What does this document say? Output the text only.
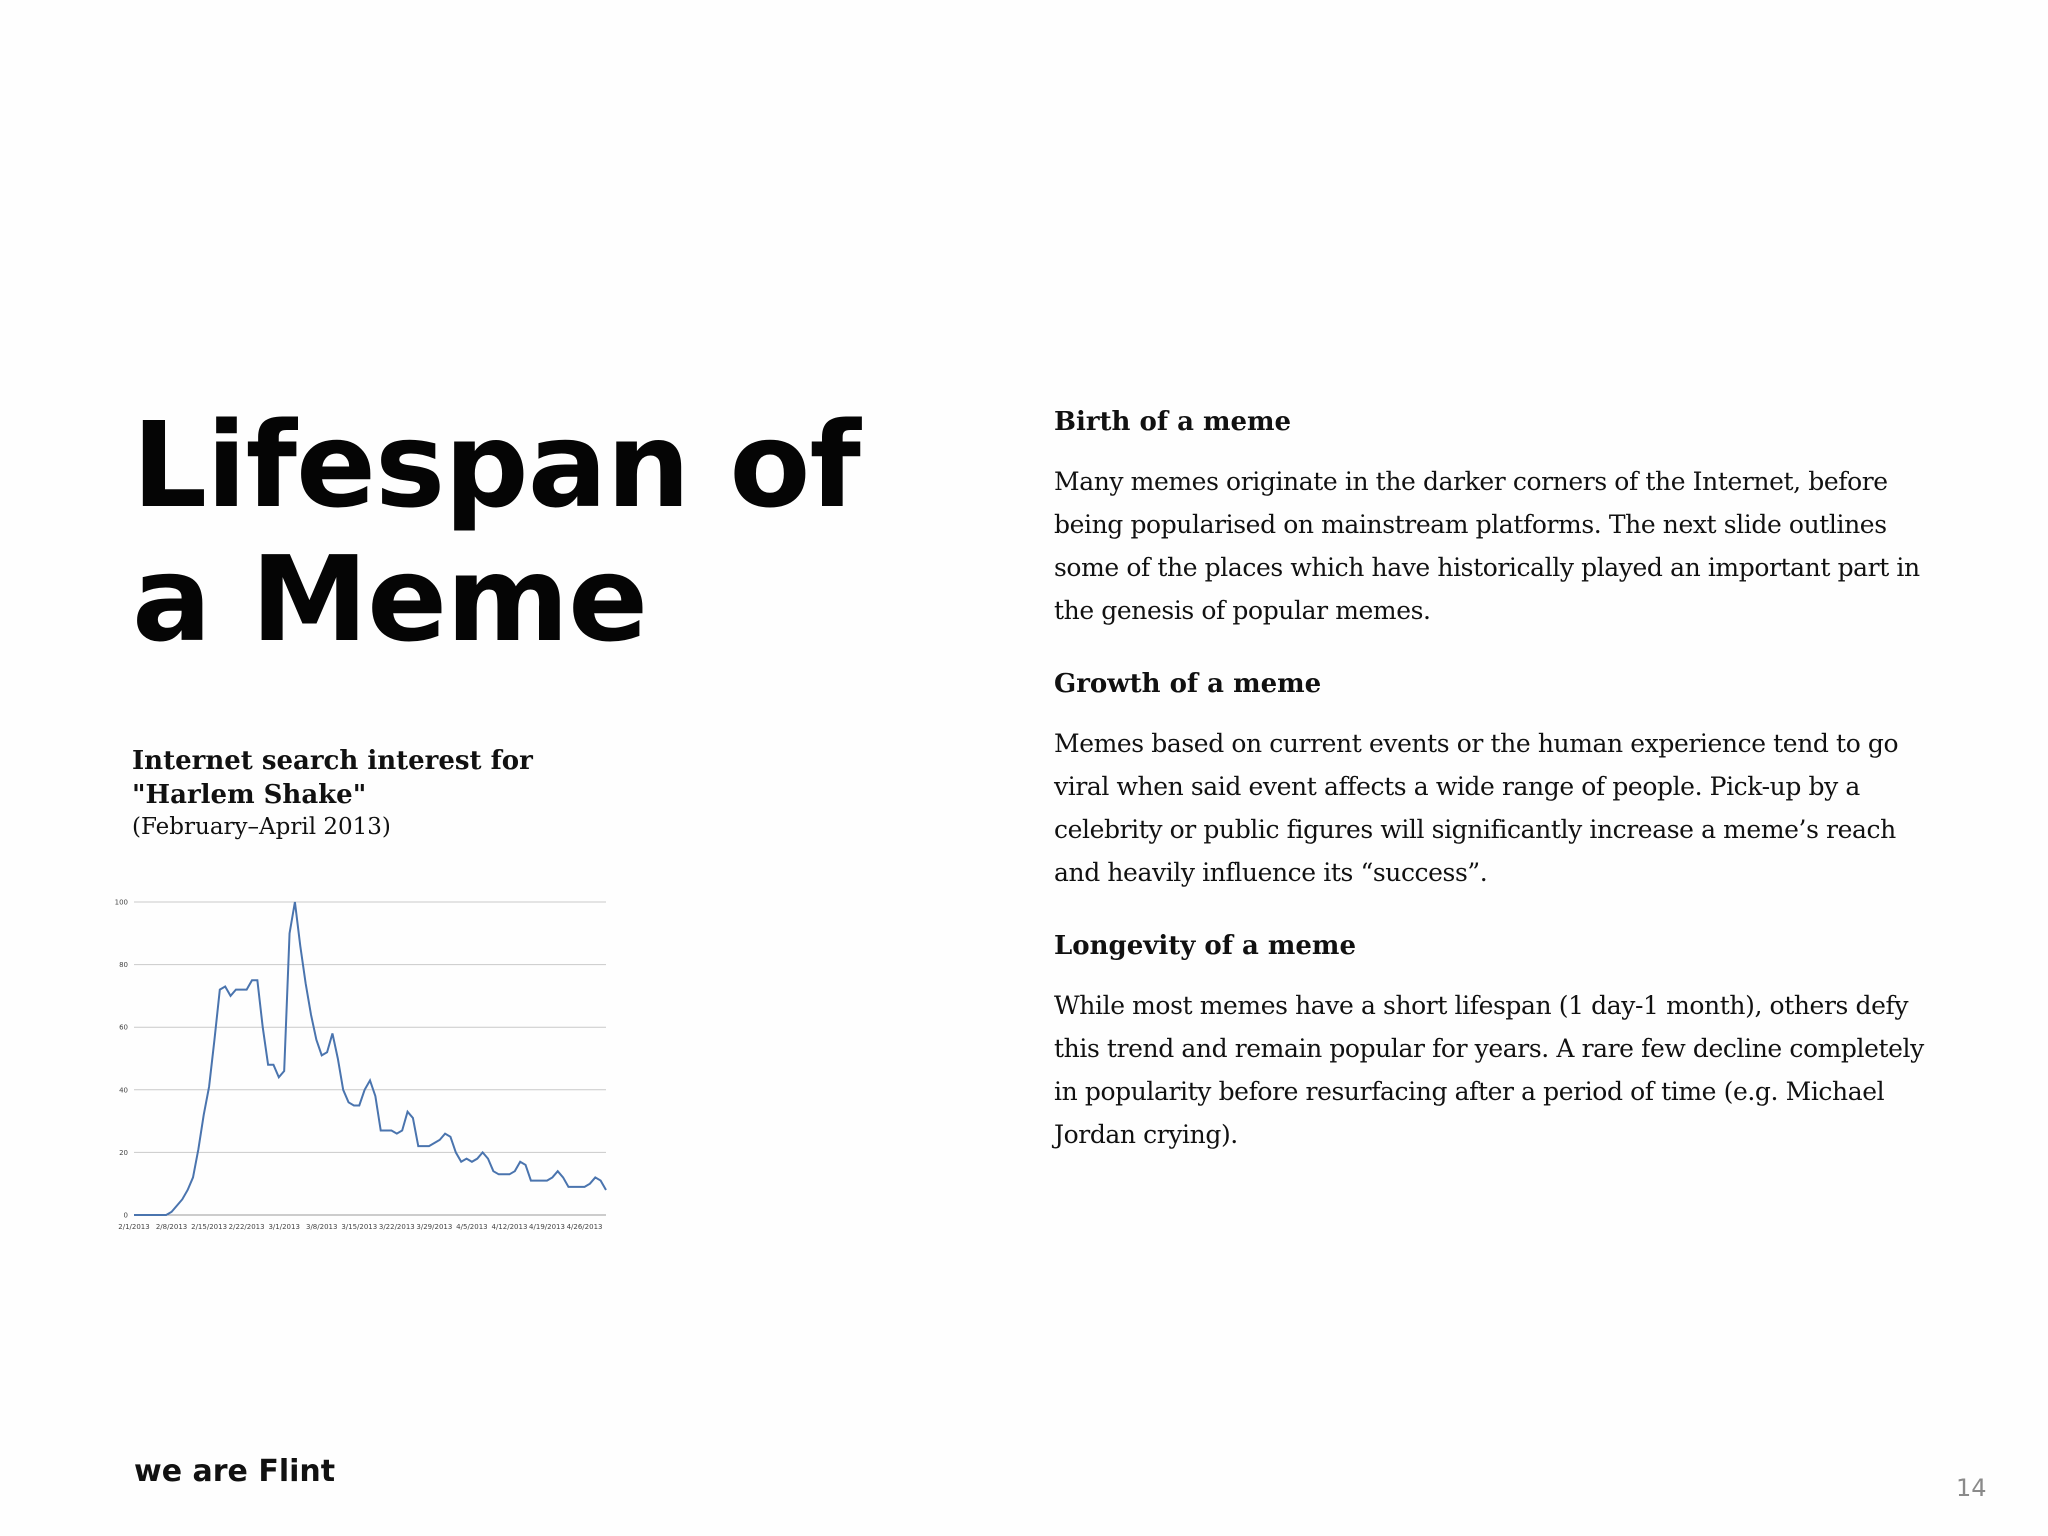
Lifespan of a Meme

Internet search interest for "Harlem Shake"

(February–April 2013)

0
20
40
60
80
100
2/1/2013 2/8/2013 2/15/2013 2/22/2013 3/1/2013 3/8/2013 3/15/2013 3/22/2013 3/29/2013 4/5/2013 4/12/2013 4/19/2013 4/26/2013
Birth of a meme

Many memes originate in the darker corners of the Internet, before being popularised on mainstream platforms. The next slide outlines some of the places which have historically played an important part in the genesis of popular memes.

Growth of a meme

Memes based on current events or the human experience tend to go viral when said event affects a wide range of people. Pick-up by a celebrity or public figures will significantly increase a meme’s reach and heavily influence its “success”.

Longevity of a meme

While most memes have a short lifespan (1 day-1 month), others defy this trend and remain popular for years. A rare few decline completely in popularity before resurfacing after a period of time (e.g. Michael Jordan crying).

we are Flint	14
